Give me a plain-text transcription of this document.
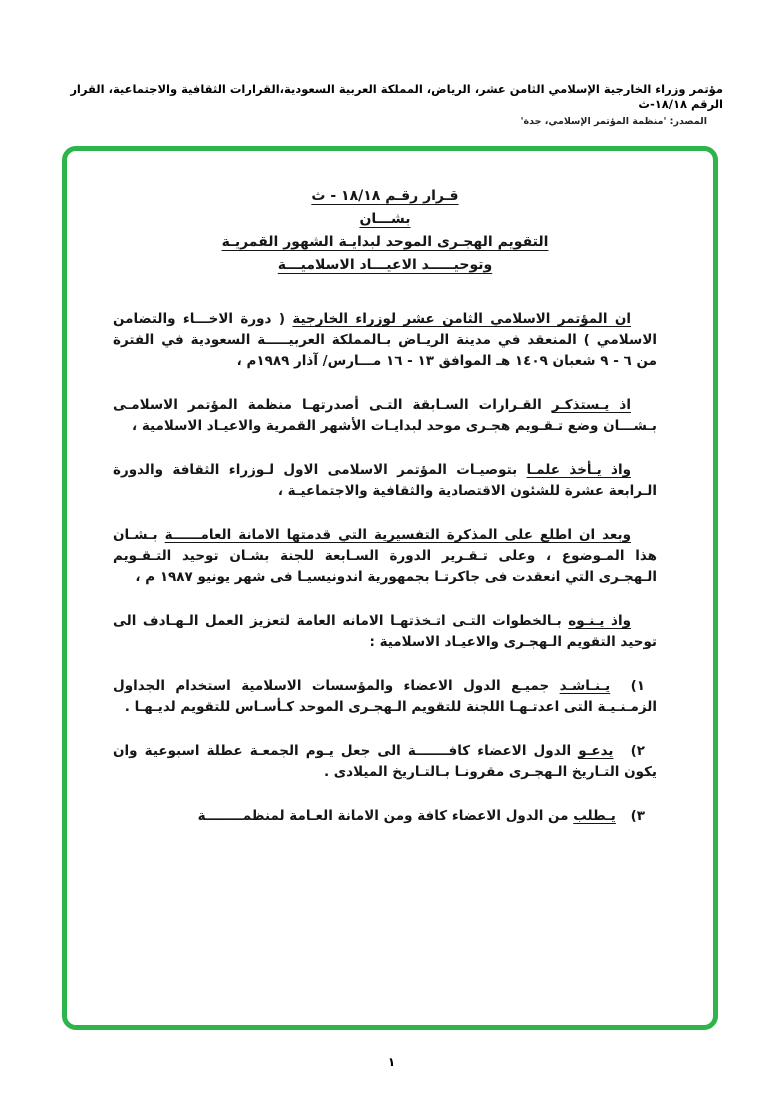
مؤتمر وزراء الخارجية الإسلامي الثامن عشر، الرياض، المملكة العربية السعودية،القرارات الثقافية والاجتماعية، القرار الرقم ١٨/١٨-ث
المصدر: 'منظمة المؤتمر الإسلامي، جدة'
قـرار رقـم ١٨/١٨ - ث
بشـــان
التقويم الهجـرى الموحد لبدايـة الشهور القمريـة
وتوحيـــــد الاعيـــاد الاسلاميـــة

ان المؤتمر الاسلامي الثامن عشر لوزراء الخارجية ( دورة الاخـــاء والتضامن الاسلامي ) المنعقد في مدينة الريـاض بـالمملكة العربيـــــة السعودية في الفترة من ٦ - ٩ شعبان ١٤٠٩ هـ الموافق ١٣ - ١٦ مـــارس/ آذار ١٩٨٩م ،

اذ يـستذكـر القـرارات السـابقة التـى أصدرتهـا منظمة المؤتمر الاسلامـى بـشـــان وضع تـقـويم هجـرى موحد لبدايـات الأشهر القمرية والاعيـاد الاسلامية ،

واذ يـأخذ علمـا بتوصيـات المؤتمر الاسلامى الاول لـوزراء الثقافة والدورة الـرابعة عشرة للشئون الاقتصادية والثقافية والاجتماعيـة ،

وبعد ان اطلع على المذكرة التفسيرية التي قدمتها الامانة العامــــــة بـشـان هذا المـوضوع ، وعلى تـقـرير الدورة السـابعة للجنة بشـان توحيد التـقـويم الـهجـرى التي انعقدت فى جاكرتـا بجمهورية اندونيسيـا فى شهر يونيو ١٩٨٧ م ،

واذ يـنـوه بـالخطوات التـى اتـخذتهـا الامانه العامة لتعزيز العمل الـهـادف الى توحيد التقويم الـهجـرى والاعيـاد الاسلامية :

١) يـنـاشـد جميـع الدول الاعضاء والمؤسسات الاسلامية استخدام الجداول الزمـنـيـة التى اعدتـهـا اللجنة للتقويم الـهجـرى الموحد كـأسـاس للتقويم لديـهـا .

٢) يدعـو الدول الاعضاء كافـــــــة الى جعل يـوم الجمعـة عطلة اسبوعية وان يكون التـاريخ الـهجـرى مقرونـا بـالتـاريخ الميلادى .

٣) يـطلب من الدول الاعضاء كافة ومن الامانة العـامة لمنظمــــــــة

١
